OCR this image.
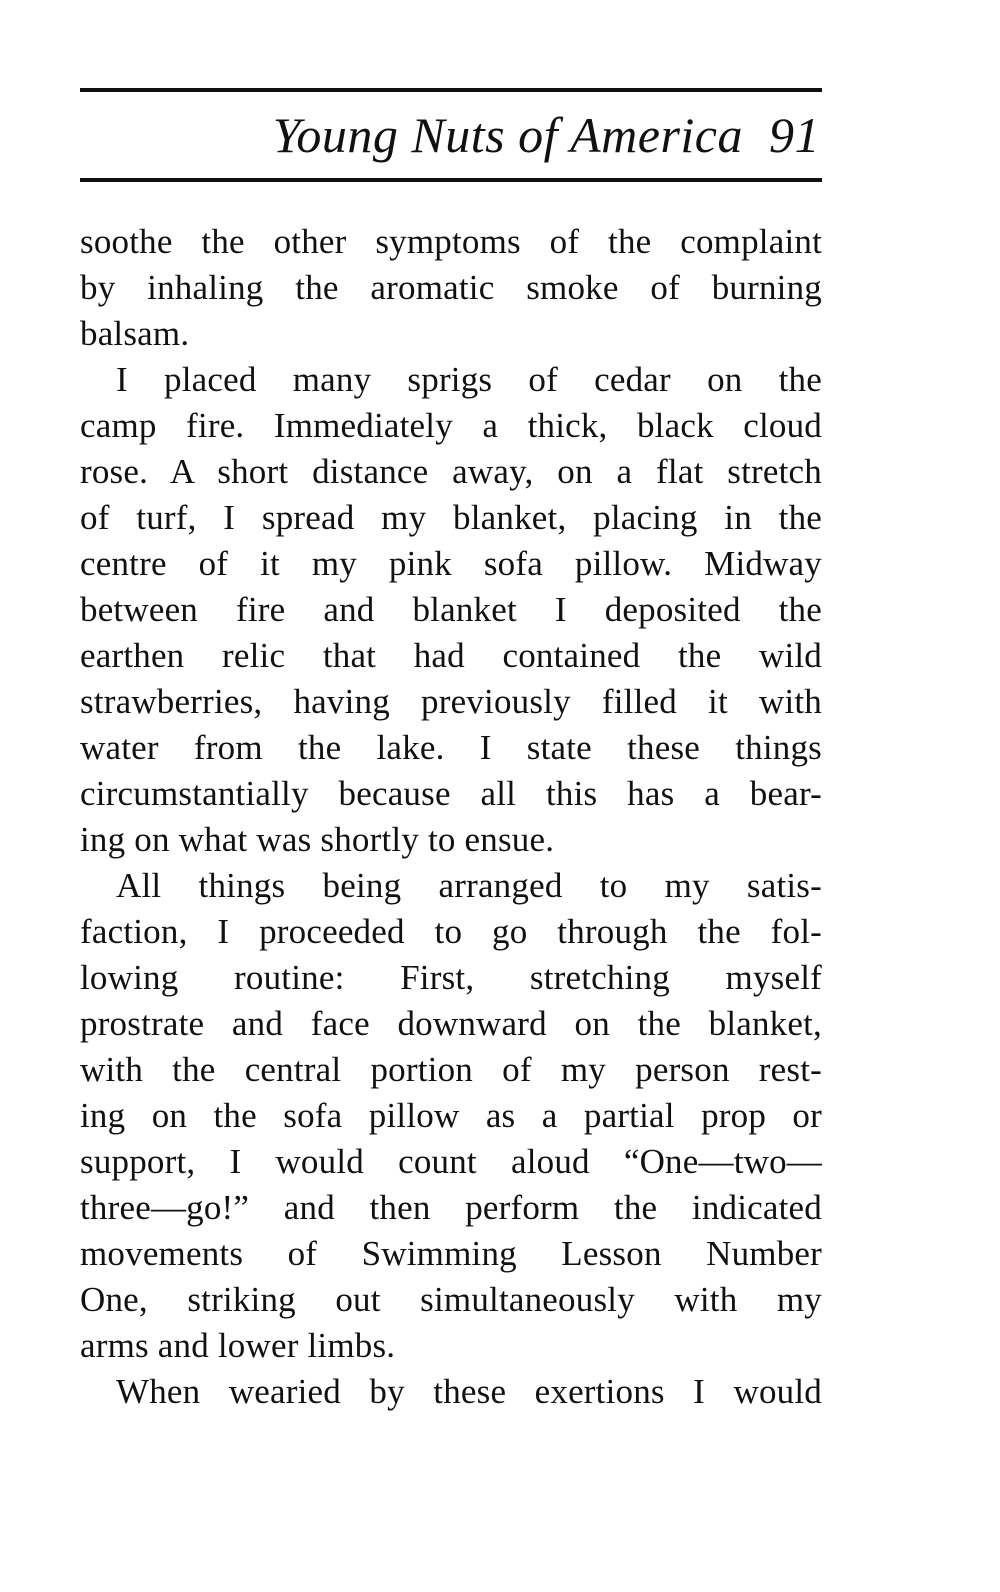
Young Nuts of America 91
soothe the other symptoms of the complaint
by inhaling the aromatic smoke of burning
balsam.
I placed many sprigs of cedar on the
camp fire. Immediately a thick, black cloud
rose. A short distance away, on a flat stretch
of turf, I spread my blanket, placing in the
centre of it my pink sofa pillow. Midway
between fire and blanket I deposited the
earthen relic that had contained the wild
strawberries, having previously filled it with
water from the lake. I state these things
circumstantially because all this has a bear-
ing on what was shortly to ensue.
All things being arranged to my satis-
faction, I proceeded to go through the fol-
lowing routine: First, stretching myself
prostrate and face downward on the blanket,
with the central portion of my person rest-
ing on the sofa pillow as a partial prop or
support, I would count aloud “One—two—
three—go!” and then perform the indicated
movements of Swimming Lesson Number
One, striking out simultaneously with my
arms and lower limbs.
When wearied by these exertions I would
